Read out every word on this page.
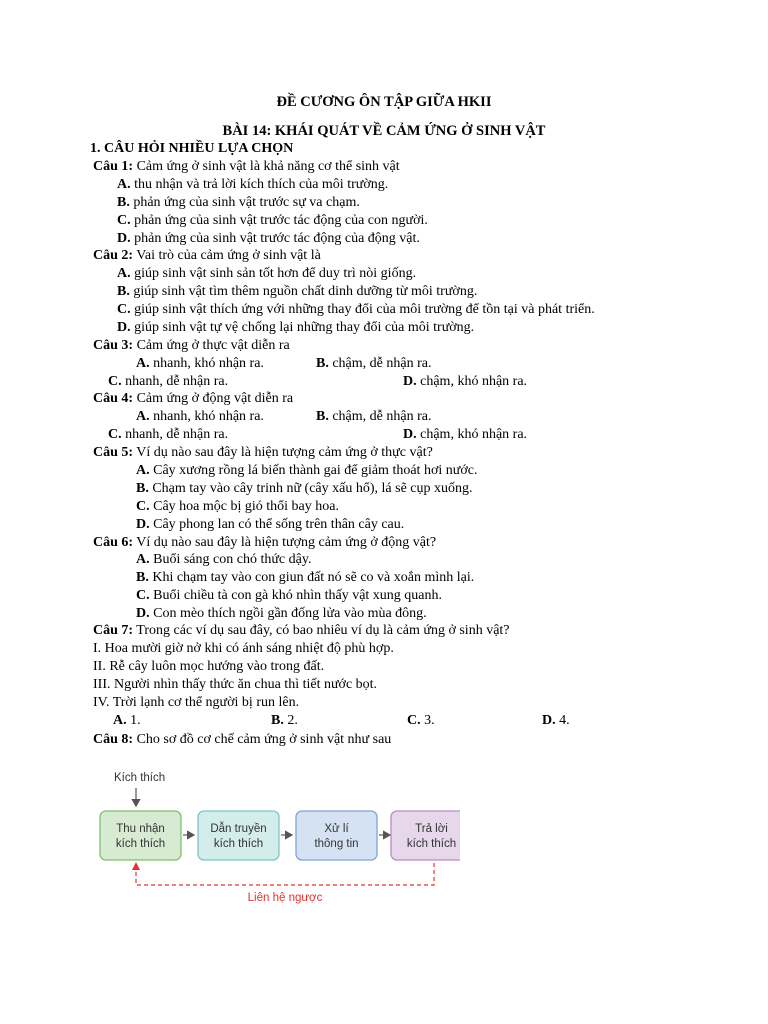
ĐỀ CƯƠNG ÔN TẬP GIỮA HKII
BÀI 14: KHÁI QUÁT VỀ CẢM ỨNG Ở SINH VẬT
1. CÂU HỎI NHIỀU LỰA CHỌN
Câu 1: Cảm ứng ở sinh vật là khả năng cơ thể sinh vật
A. thu nhận và trả lời kích thích của môi trường.
B. phản ứng của sinh vật trước sự va chạm.
C. phản ứng của sinh vật trước tác động của con người.
D. phản ứng của sinh vật trước tác động của động vật.
Câu 2: Vai trò của cảm ứng ở sinh vật là
A. giúp sinh vật sinh sản tốt hơn để duy trì nòi giống.
B. giúp sinh vật tìm thêm nguồn chất dinh dưỡng từ môi trường.
C. giúp sinh vật thích ứng với những thay đổi của môi trường để tồn tại và phát triển.
D. giúp sinh vật tự vệ chống lại những thay đổi của môi trường.
Câu 3: Cảm ứng ở thực vật diễn ra
A. nhanh, khó nhận ra.	B. chậm, dễ nhận ra.
C. nhanh, dễ nhận ra.	D. chậm, khó nhận ra.
Câu 4: Cảm ứng ở động vật diễn ra
A. nhanh, khó nhận ra.	B. chậm, dễ nhận ra.
C. nhanh, dễ nhận ra.	D. chậm, khó nhận ra.
Câu 5: Ví dụ nào sau đây là hiện tượng cảm ứng ở thực vật?
A. Cây xương rồng lá biến thành gai để giảm thoát hơi nước.
B. Chạm tay vào cây trinh nữ (cây xấu hổ), lá sẽ cụp xuống.
C. Cây hoa mộc bị gió thổi bay hoa.
D. Cây phong lan có thể sống trên thân cây cau.
Câu 6: Ví dụ nào sau đây là hiện tượng cảm ứng ở động vật?
A. Buổi sáng con chó thức dậy.
B. Khi chạm tay vào con giun đất nó sẽ co và xoắn mình lại.
C. Buổi chiều tà con gà khó nhìn thấy vật xung quanh.
D. Con mèo thích ngồi gần đống lửa vào mùa đông.
Câu 7: Trong các ví dụ sau đây, có bao nhiêu ví dụ là cảm ứng ở sinh vật?
I. Hoa mười giờ nở khi có ánh sáng nhiệt độ phù hợp.
II. Rễ cây luôn mọc hướng vào trong đất.
III. Người nhìn thấy thức ăn chua thì tiết nước bọt.
IV. Trời lạnh cơ thể người bị run lên.
A. 1.	B. 2.	C. 3.	D. 4.
Câu 8: Cho sơ đồ cơ chế cảm ứng ở sinh vật như sau
Kích thích
Thu nhận
kích thích
Dẫn truyền
kích thích
Xử lí
thông tin
Trả lời
kích thích
Liên hệ ngược
